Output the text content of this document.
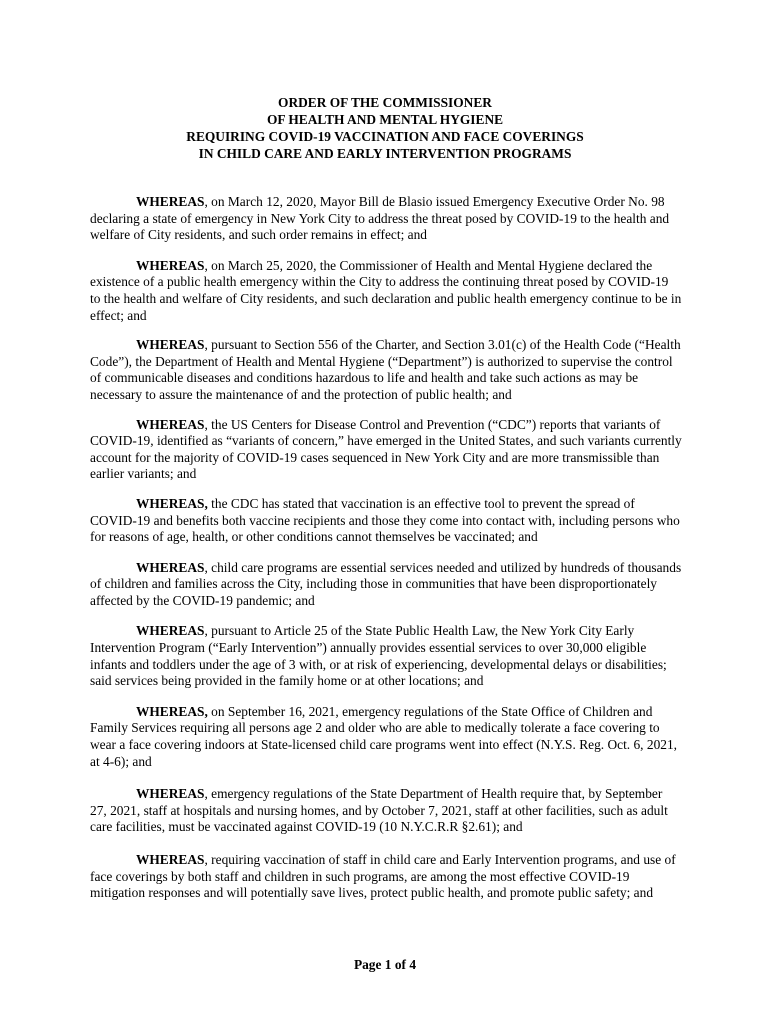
ORDER OF THE COMMISSIONER
OF HEALTH AND MENTAL HYGIENE
REQUIRING COVID-19 VACCINATION AND FACE COVERINGS
IN CHILD CARE AND EARLY INTERVENTION PROGRAMS

WHEREAS, on March 12, 2020, Mayor Bill de Blasio issued Emergency Executive Order No. 98 declaring a state of emergency in New York City to address the threat posed by COVID-19 to the health and welfare of City residents, and such order remains in effect; and

WHEREAS, on March 25, 2020, the Commissioner of Health and Mental Hygiene declared the existence of a public health emergency within the City to address the continuing threat posed by COVID-19 to the health and welfare of City residents, and such declaration and public health emergency continue to be in effect; and

WHEREAS, pursuant to Section 556 of the Charter, and Section 3.01(c) of the Health Code (“Health Code”), the Department of Health and Mental Hygiene (“Department”) is authorized to supervise the control of communicable diseases and conditions hazardous to life and health and take such actions as may be necessary to assure the maintenance of and the protection of public health; and

WHEREAS, the US Centers for Disease Control and Prevention (“CDC”) reports that variants of COVID-19, identified as “variants of concern,” have emerged in the United States, and such variants currently account for the majority of COVID-19 cases sequenced in New York City and are more transmissible than earlier variants; and

WHEREAS, the CDC has stated that vaccination is an effective tool to prevent the spread of COVID-19 and benefits both vaccine recipients and those they come into contact with, including persons who for reasons of age, health, or other conditions cannot themselves be vaccinated; and

WHEREAS, child care programs are essential services needed and utilized by hundreds of thousands of children and families across the City, including those in communities that have been disproportionately affected by the COVID-19 pandemic; and

WHEREAS, pursuant to Article 25 of the State Public Health Law, the New York City Early Intervention Program (“Early Intervention”) annually provides essential services to over 30,000 eligible infants and toddlers under the age of 3 with, or at risk of experiencing, developmental delays or disabilities; said services being provided in the family home or at other locations; and

WHEREAS, on September 16, 2021, emergency regulations of the State Office of Children and Family Services requiring all persons age 2 and older who are able to medically tolerate a face covering to wear a face covering indoors at State-licensed child care programs went into effect (N.Y.S. Reg. Oct. 6, 2021, at 4-6); and

WHEREAS, emergency regulations of the State Department of Health require that, by September 27, 2021, staff at hospitals and nursing homes, and by October 7, 2021, staff at other facilities, such as adult care facilities, must be vaccinated against COVID-19 (10 N.Y.C.R.R §2.61); and

WHEREAS, requiring vaccination of staff in child care and Early Intervention programs, and use of face coverings by both staff and children in such programs, are among the most effective COVID-19 mitigation responses and will potentially save lives, protect public health, and promote public safety; and

Page 1 of 4
